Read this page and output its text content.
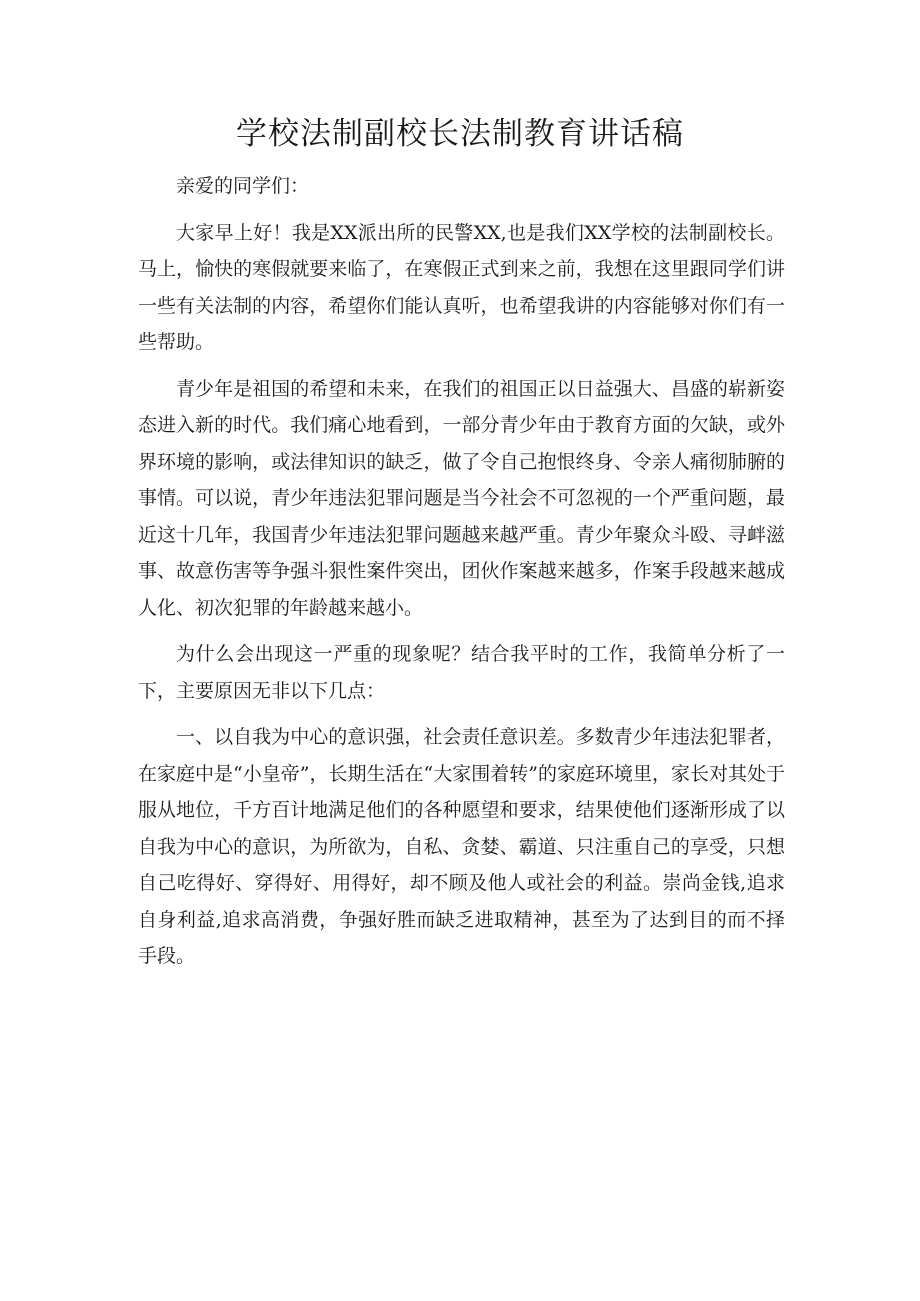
学校法制副校长法制教育讲话稿

亲爱的同学们：

大家早上好！我是XX派出所的民警XX,也是我们XX学校的法制副校长。马上，愉快的寒假就要来临了，在寒假正式到来之前，我想在这里跟同学们讲一些有关法制的内容，希望你们能认真听，也希望我讲的内容能够对你们有一些帮助。

青少年是祖国的希望和未来，在我们的祖国正以日益强大、昌盛的崭新姿态进入新的时代。我们痛心地看到，一部分青少年由于教育方面的欠缺，或外界环境的影响，或法律知识的缺乏，做了令自己抱恨终身、令亲人痛彻肺腑的事情。可以说，青少年违法犯罪问题是当今社会不可忽视的一个严重问题，最近这十几年，我国青少年违法犯罪问题越来越严重。青少年聚众斗殴、寻衅滋事、故意伤害等争强斗狠性案件突出，团伙作案越来越多，作案手段越来越成人化、初次犯罪的年龄越来越小。

为什么会出现这一严重的现象呢？结合我平时的工作，我简单分析了一下，主要原因无非以下几点：

一、以自我为中心的意识强，社会责任意识差。多数青少年违法犯罪者，在家庭中是“小皇帝”，长期生活在“大家围着转”的家庭环境里，家长对其处于服从地位，千方百计地满足他们的各种愿望和要求，结果使他们逐渐形成了以自我为中心的意识，为所欲为，自私、贪婪、霸道、只注重自己的享受，只想自己吃得好、穿得好、用得好，却不顾及他人或社会的利益。崇尚金钱,追求自身利益,追求高消费，争强好胜而缺乏进取精神，甚至为了达到目的而不择手段。
